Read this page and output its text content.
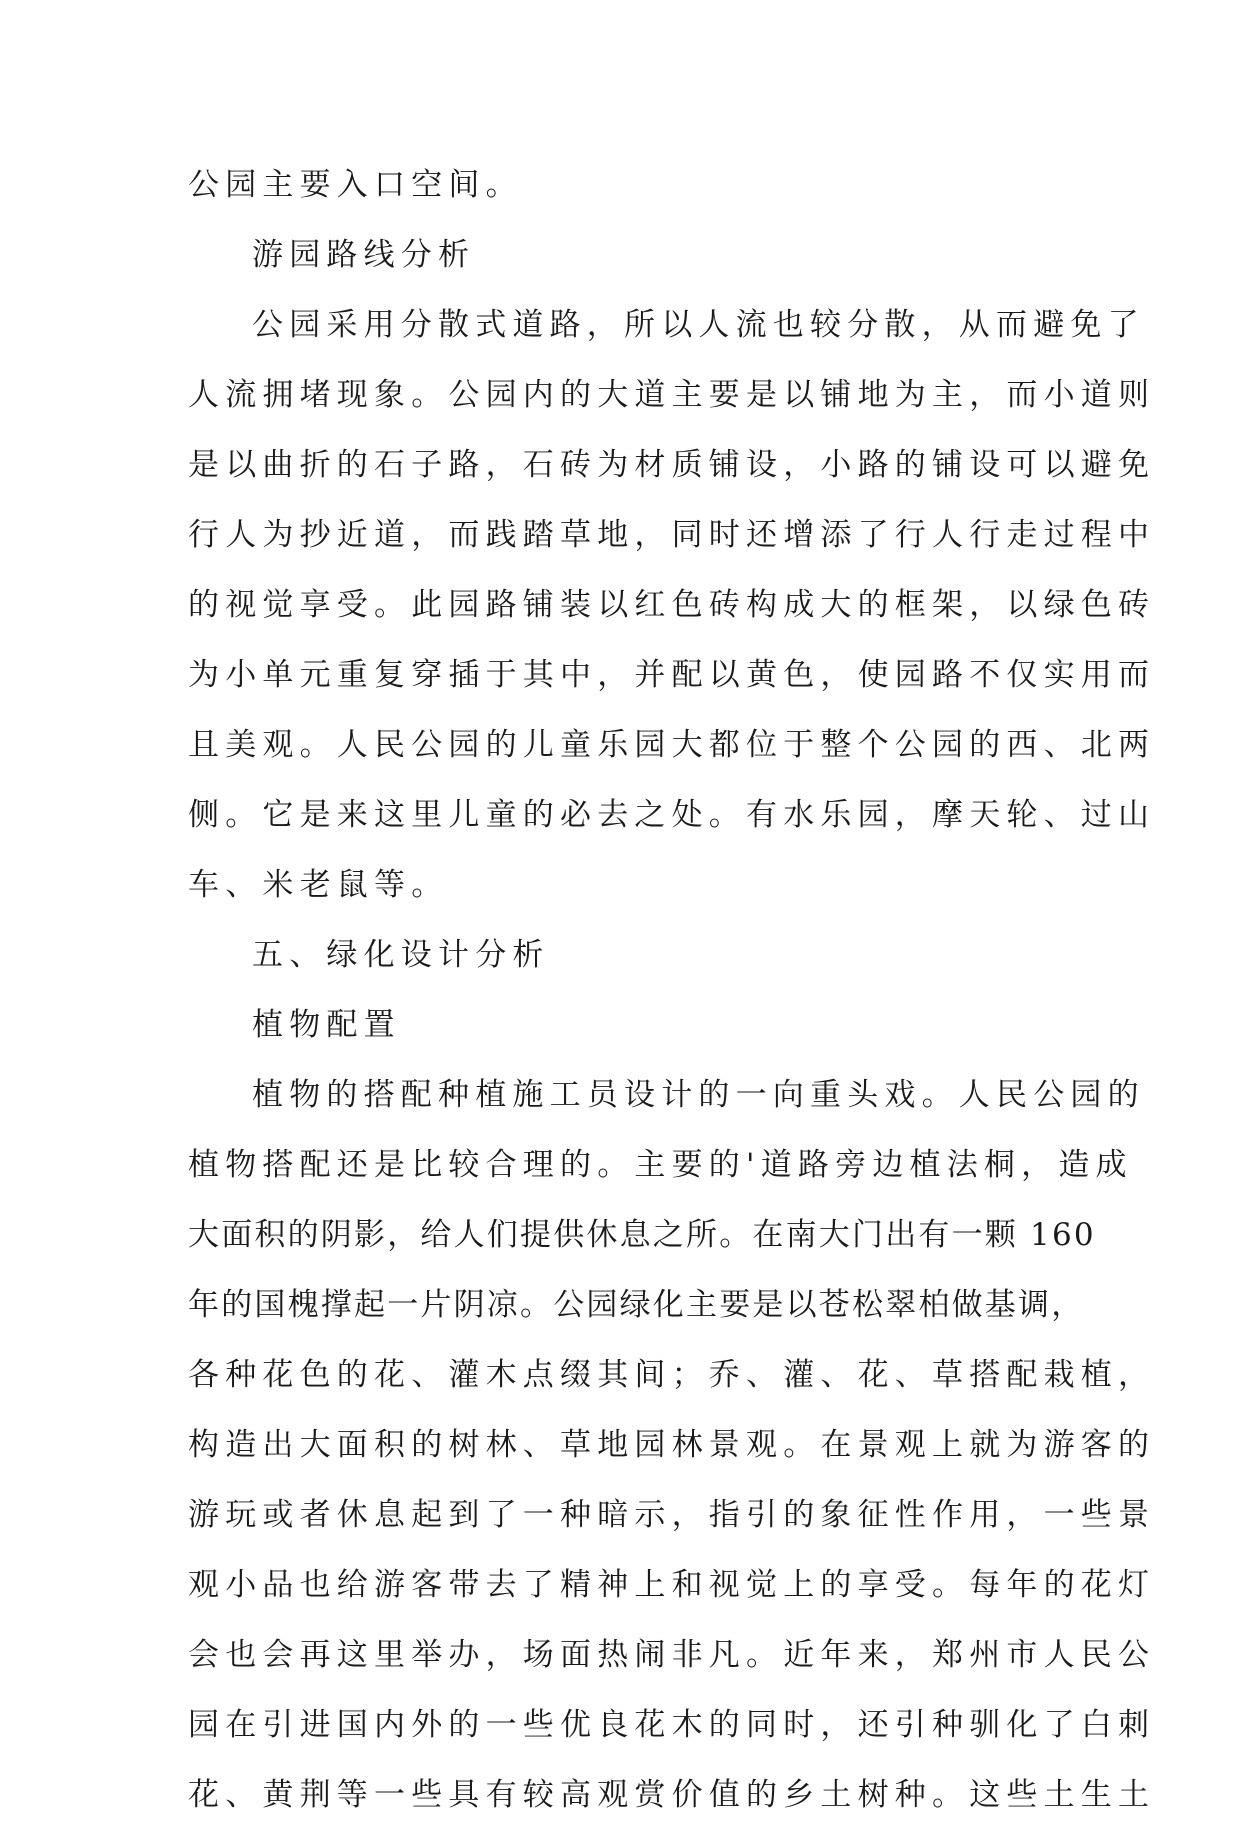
公园主要入口空间。
游园路线分析
公园采用分散式道路，所以人流也较分散，从而避免了
人流拥堵现象。公园内的大道主要是以铺地为主，而小道则
是以曲折的石子路，石砖为材质铺设，小路的铺设可以避免
行人为抄近道，而践踏草地，同时还增添了行人行走过程中
的视觉享受。此园路铺装以红色砖构成大的框架，以绿色砖
为小单元重复穿插于其中，并配以黄色，使园路不仅实用而
且美观。人民公园的儿童乐园大都位于整个公园的西、北两
侧。它是来这里儿童的必去之处。有水乐园，摩天轮、过山
车、米老鼠等。
五、绿化设计分析
植物配置
植物的搭配种植施工员设计的一向重头戏。人民公园的
植物搭配还是比较合理的。主要的'道路旁边植法桐，造成
大面积的阴影，给人们提供休息之所。在南大门出有一颗 160
年的国槐撑起一片阴凉。公园绿化主要是以苍松翠柏做基调，
各种花色的花、灌木点缀其间；乔、灌、花、草搭配栽植，
构造出大面积的树林、草地园林景观。在景观上就为游客的
游玩或者休息起到了一种暗示，指引的象征性作用，一些景
观小品也给游客带去了精神上和视觉上的享受。每年的花灯
会也会再这里举办，场面热闹非凡。近年来，郑州市人民公
园在引进国内外的一些优良花木的同时，还引种驯化了白刺
花、黄荆等一些具有较高观赏价值的乡土树种。这些土生土
